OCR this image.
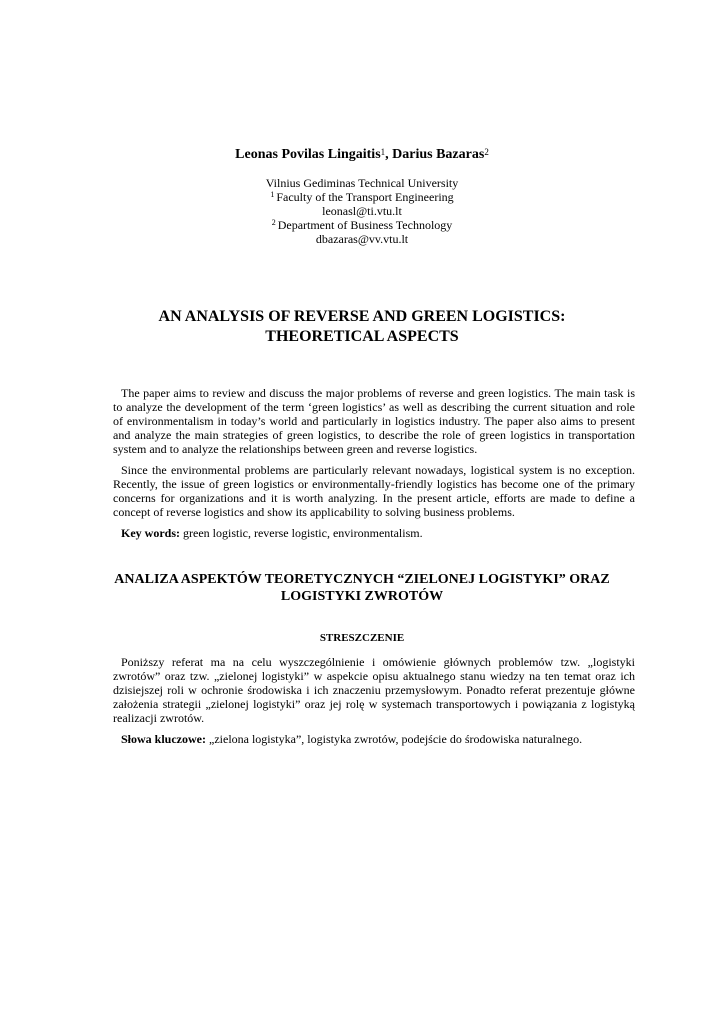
Leonas Povilas Lingaitis$^1$, Darius Bazaras$^2$
Vilnius Gediminas Technical University
$^1$ Faculty of the Transport Engineering
leonasl@ti.vtu.lt
$^2$ Department of Business Technology
dbazaras@vv.vtu.lt
AN ANALYSIS OF REVERSE AND GREEN LOGISTICS:
THEORETICAL ASPECTS

The paper aims to review and discuss the major problems of reverse and green logistics. The main task is to analyze the development of the term ‘green logistics’ as well as describing the current situation and role of environmentalism in today’s world and particularly in logistics industry. The paper also aims to present and analyze the main strategies of green logistics, to describe the role of green logistics in transportation system and to analyze the relationships between green and reverse logistics.

Since the environmental problems are particularly relevant nowadays, logistical system is no exception. Recently, the issue of green logistics or environmentally-friendly logistics has become one of the primary concerns for organizations and it is worth analyzing. In the present article, efforts are made to define a concept of reverse logistics and show its applicability to solving business problems.

Key words: green logistic, reverse logistic, environmentalism.
ANALIZA ASPEKTÓW TEORETYCZNYCH “ZIELONEJ LOGISTYKI” ORAZ
LOGISTYKI ZWROTÓW
STRESZCZENIE

Poniższy referat ma na celu wyszczególnienie i omówienie głównych problemów tzw. „logistyki zwrotów” oraz tzw. „zielonej logistyki” w aspekcie opisu aktualnego stanu wiedzy na ten temat oraz ich dzisiejszej roli w ochronie środowiska i ich znaczeniu przemysłowym. Ponadto referat prezentuje główne założenia strategii „zielonej logistyki” oraz jej rolę w systemach transportowych i powiązania z logistyką realizacji zwrotów.

Słowa kluczowe: „zielona logistyka”, logistyka zwrotów, podejście do środowiska naturalnego.
